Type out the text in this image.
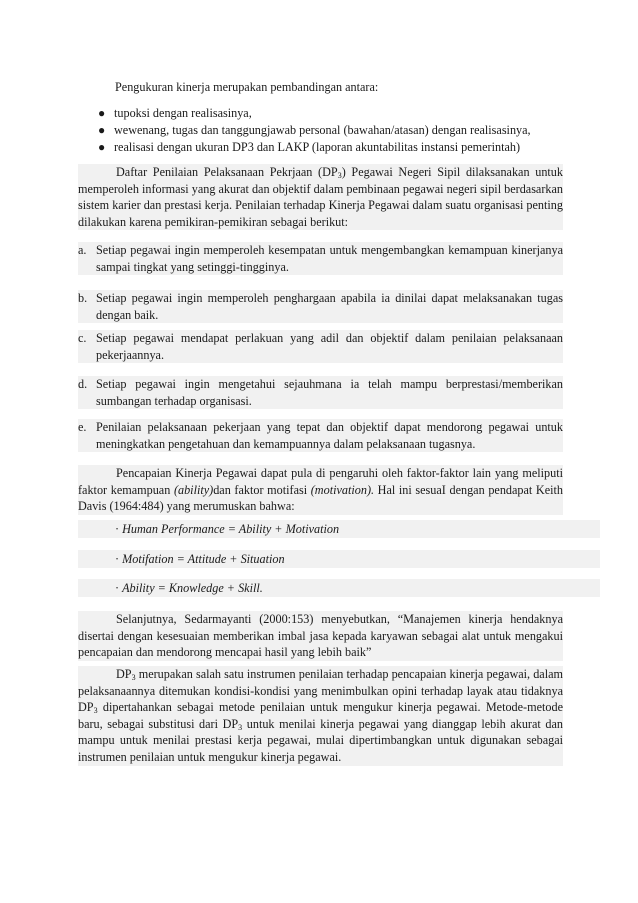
Pengukuran kinerja merupakan pembandingan antara:
● tupoksi dengan realisasinya,
● wewenang, tugas dan tanggungjawab personal (bawahan/atasan) dengan realisasinya,
● realisasi dengan ukuran DP3 dan LAKP (laporan akuntabilitas instansi pemerintah)
Daftar Penilaian Pelaksanaan Pekrjaan $(DP_3)$ Pegawai Negeri Sipil dilaksanakan untuk memperoleh informasi yang akurat dan objektif dalam pembinaan pegawai negeri sipil berdasarkan sistem karier dan prestasi kerja. Penilaian terhadap Kinerja Pegawai dalam suatu organisasi penting dilakukan karena pemikiran-pemikiran sebagai berikut:
a. Setiap pegawai ingin memperoleh kesempatan untuk mengembangkan kemampuan kinerjanya sampai tingkat yang setinggi-tingginya.
b. Setiap pegawai ingin memperoleh penghargaan apabila ia dinilai dapat melaksanakan tugas dengan baik.
c. Setiap pegawai mendapat perlakuan yang adil dan objektif dalam penilaian pelaksanaan pekerjaannya.
d. Setiap pegawai ingin mengetahui sejauhmana ia telah mampu berprestasi/memberikan sumbangan terhadap organisasi.
e. Penilaian pelaksanaan pekerjaan yang tepat dan objektif dapat mendorong pegawai untuk meningkatkan pengetahuan dan kemampuannya dalam pelaksanaan tugasnya.
Pencapaian Kinerja Pegawai dapat pula di pengaruhi oleh faktor-faktor lain yang meliputi faktor kemampuan (ability)dan faktor motifasi (motivation). Hal ini sesuaI dengan pendapat Keith Davis (1964:484) yang merumuskan bahwa:
· Human Performance = Ability + Motivation
· Motifation = Attitude + Situation
· Ability = Knowledge + Skill.
Selanjutnya, Sedarmayanti (2000:153) menyebutkan, “Manajemen kinerja hendaknya disertai dengan kesesuaian memberikan imbal jasa kepada karyawan sebagai alat untuk mengakui pencapaian dan mendorong mencapai hasil yang lebih baik”
$DP_3$ merupakan salah satu instrumen penilaian terhadap pencapaian kinerja pegawai, dalam pelaksanaannya ditemukan kondisi-kondisi yang menimbulkan opini terhadap layak atau tidaknya $DP_3$ dipertahankan sebagai metode penilaian untuk mengukur kinerja pegawai. Metode-metode baru, sebagai substitusi dari $DP_3$ untuk menilai kinerja pegawai yang dianggap lebih akurat dan mampu untuk menilai prestasi kerja pegawai, mulai dipertimbangkan untuk digunakan sebagai instrumen penilaian untuk mengukur kinerja pegawai.
